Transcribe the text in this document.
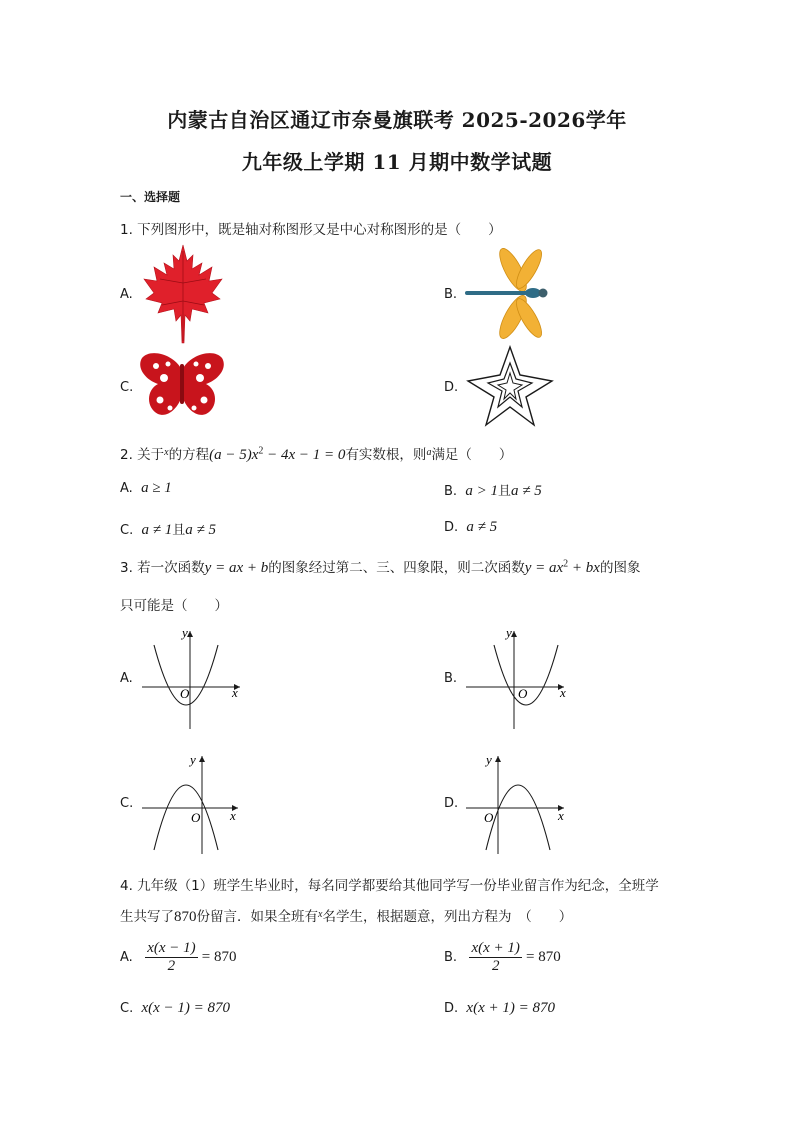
内蒙古自治区通辽市奈曼旗联考 2025-2026学年
九年级上学期 11 月期中数学试题
一、选择题
1. 下列图形中，既是轴对称图形又是中心对称图形的是（　　）
A.	B.
C.	D.
2. 关于$^x$的方程$(a - 5)x^2 - 4x - 1 = 0$有实数根，则$^a$满足（　　）
A. a ≥ 1	B. a > 1且a ≠ 5
C. a ≠ 1且a ≠ 5	D. a ≠ 5
3. 若一次函数y = ax + b的图象经过第二、三、四象限，则二次函数$y = ax^2$ + bx的图象
只可能是（　　）
A.
y
x
O
B.
y
x
O
C.
y
x
O
D.
y
x
O
4. 九年级（1）班学生毕业时，每名同学都要给其他同学写一份毕业留言作为纪念，全班学
生共写了870份留言．如果全班有$^x$名学生，根据题意，列出方程为　（　　）
A. $\frac{x(x - 1)}{2} = 870$	B. $\frac{x(x + 1)}{2} = 870$
C. x(x − 1) = 870	D. x(x + 1) = 870
